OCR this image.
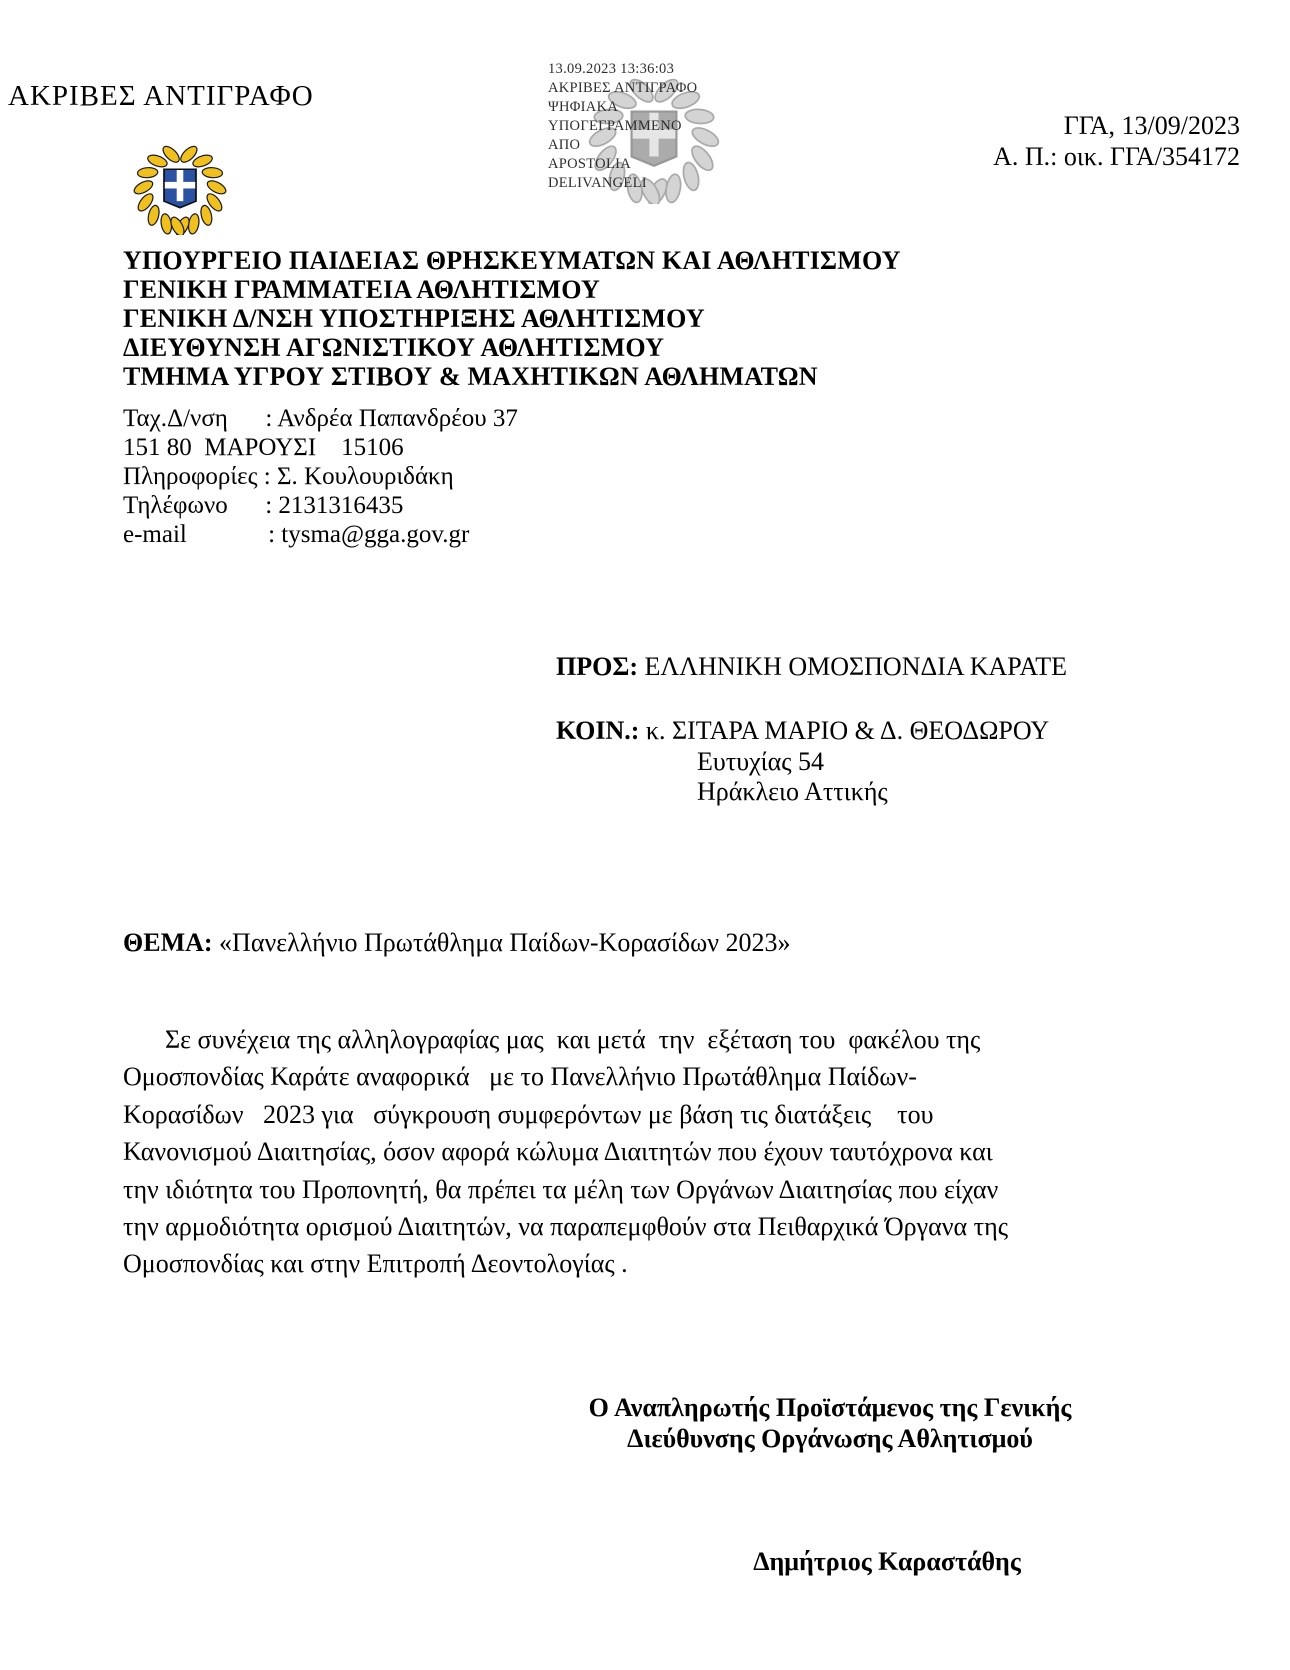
ΑΚΡΙΒΕΣ ΑΝΤΙΓΡΑΦΟ
13.09.2023 13:36:03
ΑΚΡΙΒΕΣ ΑΝΤΙΓΡΑΦΟ
ΨΗΦΙΑΚΑ
ΥΠΟΓΕΓΡΑΜΜΕΝΟ
ΑΠΟ
APOSTOLIA
DELIVANGELI
ΓΓΑ, 13/09/2023
Α. Π.: οικ. ΓΓΑ/354172
ΥΠΟΥΡΓΕΙΟ ΠΑΙΔΕΙΑΣ ΘΡΗΣΚΕΥΜΑΤΩΝ ΚΑΙ ΑΘΛΗΤΙΣΜΟΥ
ΓΕΝΙΚΗ ΓΡΑΜΜΑΤΕΙΑ ΑΘΛΗΤΙΣΜΟΥ
ΓΕΝΙΚΗ Δ/ΝΣΗ ΥΠΟΣΤΗΡΙΞΗΣ ΑΘΛΗΤΙΣΜΟΥ
ΔΙΕΥΘΥΝΣΗ ΑΓΩΝΙΣΤΙΚΟΥ ΑΘΛΗΤΙΣΜΟΥ
ΤΜΗΜΑ ΥΓΡΟΥ ΣΤΙΒΟΥ & ΜΑΧΗΤΙΚΩΝ ΑΘΛΗΜΑΤΩΝ
Ταχ.Δ/νση      : Ανδρέα Παπανδρέου 37
151 80  ΜΑΡΟΥΣΙ    15106
Πληροφορίες : Σ. Κουλουριδάκη
Τηλέφωνο      : 2131316435
e-mail             : tysma@gga.gov.gr
ΠΡΟΣ: ΕΛΛΗΝΙΚΗ ΟΜΟΣΠΟΝΔΙΑ ΚΑΡΑΤΕ
ΚΟΙΝ.: κ. ΣΙΤΑΡΑ ΜΑΡΙΟ & Δ. ΘΕΟΔΩΡΟΥ
Ευτυχίας 54
Ηράκλειο Αττικής
ΘΕΜΑ: «Πανελλήνιο Πρωτάθλημα Παίδων-Κορασίδων 2023»
Σε συνέχεια της αλληλογραφίας μας  και μετά  την  εξέταση του  φακέλου της
Ομοσπονδίας Καράτε αναφορικά   με το Πανελλήνιο Πρωτάθλημα Παίδων-
Κορασίδων   2023 για   σύγκρουση συμφερόντων με βάση τις διατάξεις    του
Κανονισμού Διαιτησίας, όσον αφορά κώλυμα Διαιτητών που έχουν ταυτόχρονα και
την ιδιότητα του Προπονητή, θα πρέπει τα μέλη των Οργάνων Διαιτησίας που είχαν
την αρμοδιότητα ορισμού Διαιτητών, να παραπεμφθούν στα Πειθαρχικά Όργανα της
Ομοσπονδίας και στην Επιτροπή Δεοντολογίας .
Ο Αναπληρωτής Προϊστάμενος της Γενικής
Διεύθυνσης Οργάνωσης Αθλητισμού
Δημήτριος Καραστάθης
